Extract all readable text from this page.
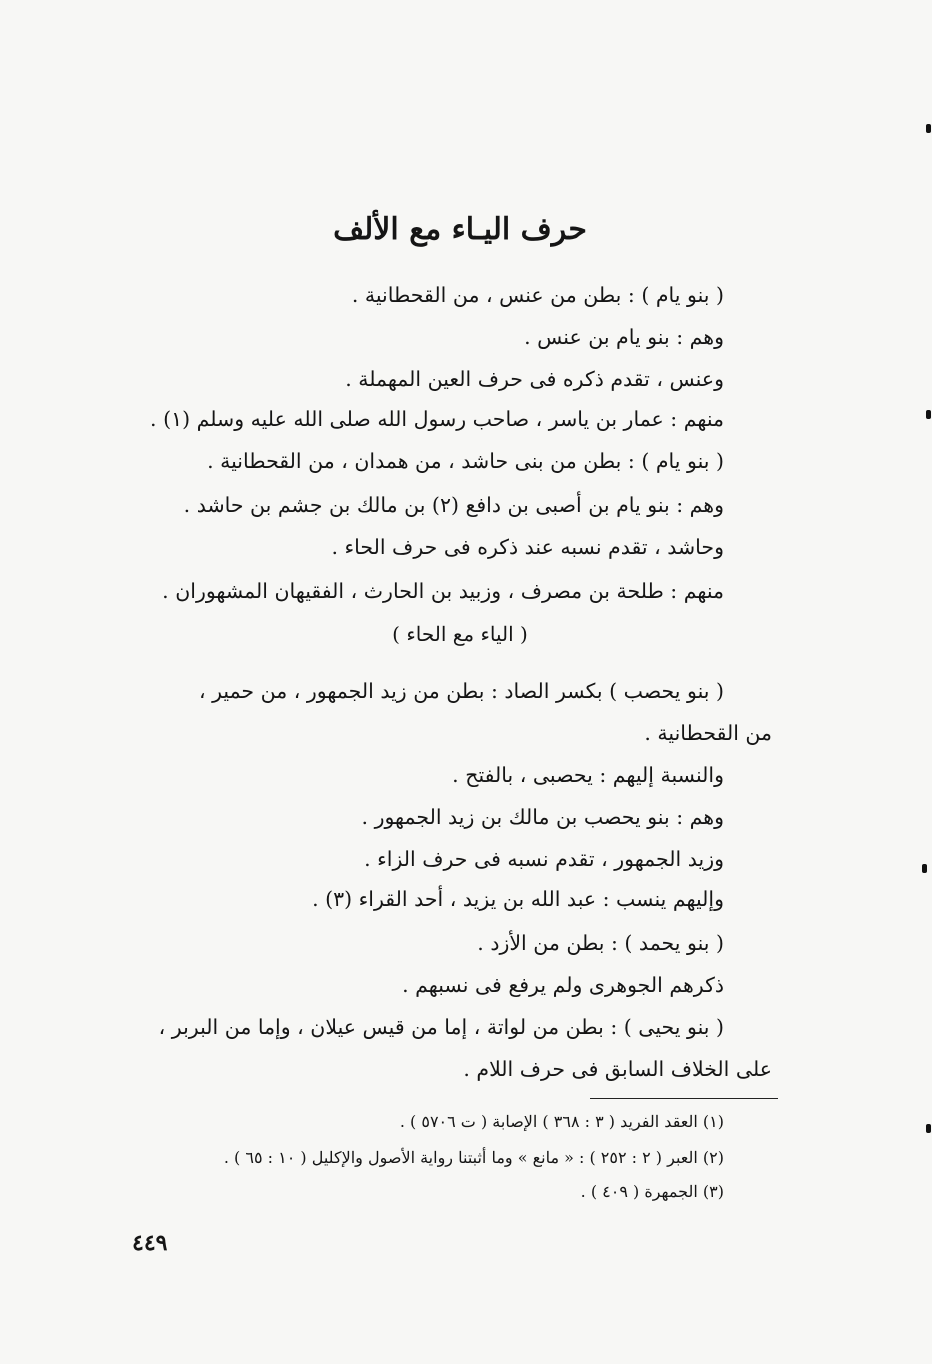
حرف اليـاء مع الألف
( بنو يام ) : بطن من عنس ، من القحطانية .
وهم : بنو يام بن عنس .
وعنس ، تقدم ذكره فى حرف العين المهملة .
منهم : عمار بن ياسر ، صاحب رسول الله صلى الله عليه وسلم (١) .
( بنو يام ) : بطن من بنى حاشد ، من همدان ، من القحطانية .
وهم : بنو يام بن أصبى بن دافع (٢) بن مالك بن جشم بن حاشد .
وحاشد ، تقدم نسبه عند ذكره فى حرف الحاء .
منهم : طلحة بن مصرف ، وزبيد بن الحارث ، الفقيهان المشهوران .
( الياء مع الحاء )
( بنو يحصب ) بكسر الصاد : بطن من زيد الجمهور ، من حمير ،
من القحطانية .
والنسبة إليهم : يحصبى ، بالفتح .
وهم : بنو يحصب بن مالك بن زيد الجمهور .
وزيد الجمهور ، تقدم نسبه فى حرف الزاء .
وإليهم ينسب : عبد الله بن يزيد ، أحد القراء (٣) .
( بنو يحمد ) : بطن من الأزد .
ذكرهم الجوهرى ولم يرفع فى نسبهم .
( بنو يحيى ) : بطن من لواتة ، إما من قيس عيلان ، وإما من البربر ،
على الخلاف السابق فى حرف اللام .
(١) العقد الفريد ( ٣ : ٣٦٨ ) الإصابة ( ت ٥٧٠٦ ) .
(٢) العبر ( ٢ : ٢٥٢ ) : « مانع » وما أثبتنا رواية الأصول والإكليل ( ١٠ : ٦٥ ) .
(٣) الجمهرة ( ٤٠٩ ) .
٤٤٩
